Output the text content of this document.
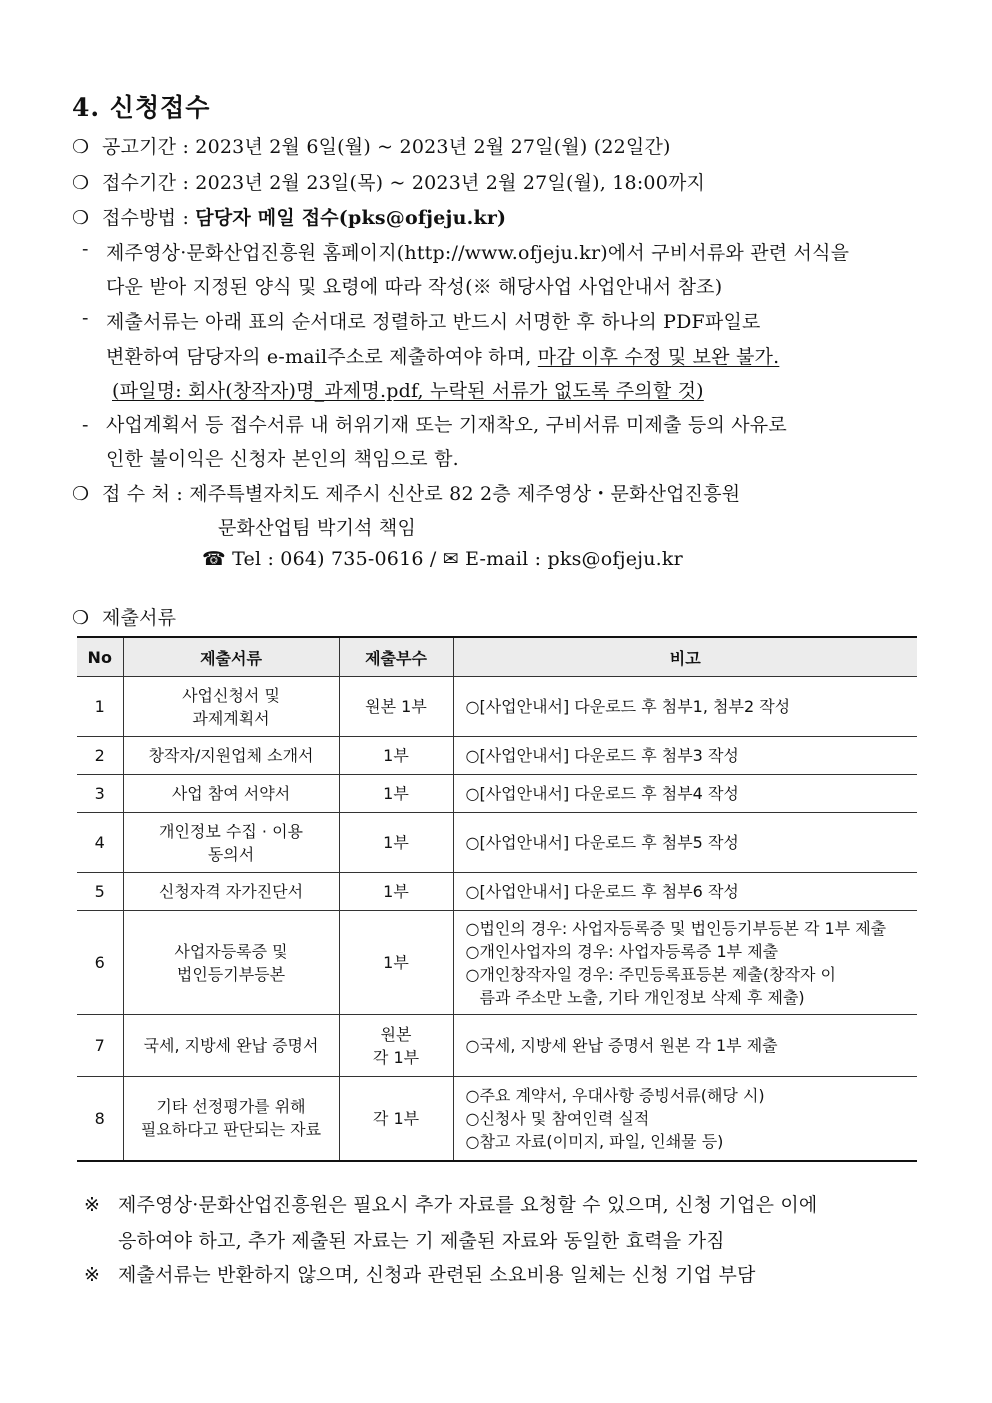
4. 신청접수
❍ 공고기간 : 2023년 2월 6일(월) ~ 2023년 2월 27일(월) (22일간)
❍ 접수기간 : 2023년 2월 23일(목) ~ 2023년 2월 27일(월), 18:00까지
❍ 접수방법 : 담당자 메일 접수(pks@ofjeju.kr)
- 제주영상·문화산업진흥원 홈페이지(http://www.ofjeju.kr)에서 구비서류와 관련 서식을
다운 받아 지정된 양식 및 요령에 따라 작성(※ 해당사업 사업안내서 참조)
- 제출서류는 아래 표의 순서대로 정렬하고 반드시 서명한 후 하나의 PDF파일로
변환하여 담당자의 e-mail주소로 제출하여야 하며, 마감 이후 수정 및 보완 불가.
(파일명: 회사(창작자)명_과제명.pdf, 누락된 서류가 없도록 주의할 것)
- 사업계획서 등 접수서류 내 허위기재 또는 기재착오, 구비서류 미제출 등의 사유로
인한 불이익은 신청자 본인의 책임으로 함.
❍ 접 수 처 : 제주특별자치도 제주시 신산로 82 2층 제주영상・문화산업진흥원
문화산업팀 박기석 책임
☎ Tel : 064) 735-0616 / ✉ E-mail : pks@ofjeju.kr
❍ 제출서류
No	제출서류	제출부수	비고
1	사업신청서 및
과제계획서	원본 1부	○[사업안내서] 다운로드 후 첨부1, 첨부2 작성

2	창작자/지원업체 소개서	1부	○[사업안내서] 다운로드 후 첨부3 작성

3	사업 참여 서약서	1부	○[사업안내서] 다운로드 후 첨부4 작성

4	개인정보 수집 · 이용
동의서	1부	○[사업안내서] 다운로드 후 첨부5 작성

5	신청자격 자가진단서	1부	○[사업안내서] 다운로드 후 첨부6 작성

6	사업자등록증 및
법인등기부등본	1부	○법인의 경우: 사업자등록증 및 법인등기부등본 각 1부 제출
○개인사업자의 경우: 사업자등록증 1부 제출
○개인창작자일 경우: 주민등록표등본 제출(창작자 이
름과 주소만 노출, 기타 개인정보 삭제 후 제출)

7	국세, 지방세 완납 증명서	원본
각 1부	○국세, 지방세 완납 증명서 원본 각 1부 제출

8	기타 선정평가를 위해
필요하다고 판단되는 자료	각 1부	○주요 계약서, 우대사항 증빙서류(해당 시)
○신청사 및 참여인력 실적
○참고 자료(이미지, 파일, 인쇄물 등)
※ 제주영상·문화산업진흥원은 필요시 추가 자료를 요청할 수 있으며, 신청 기업은 이에
응하여야 하고, 추가 제출된 자료는 기 제출된 자료와 동일한 효력을 가짐
※ 제출서류는 반환하지 않으며, 신청과 관련된 소요비용 일체는 신청 기업 부담
